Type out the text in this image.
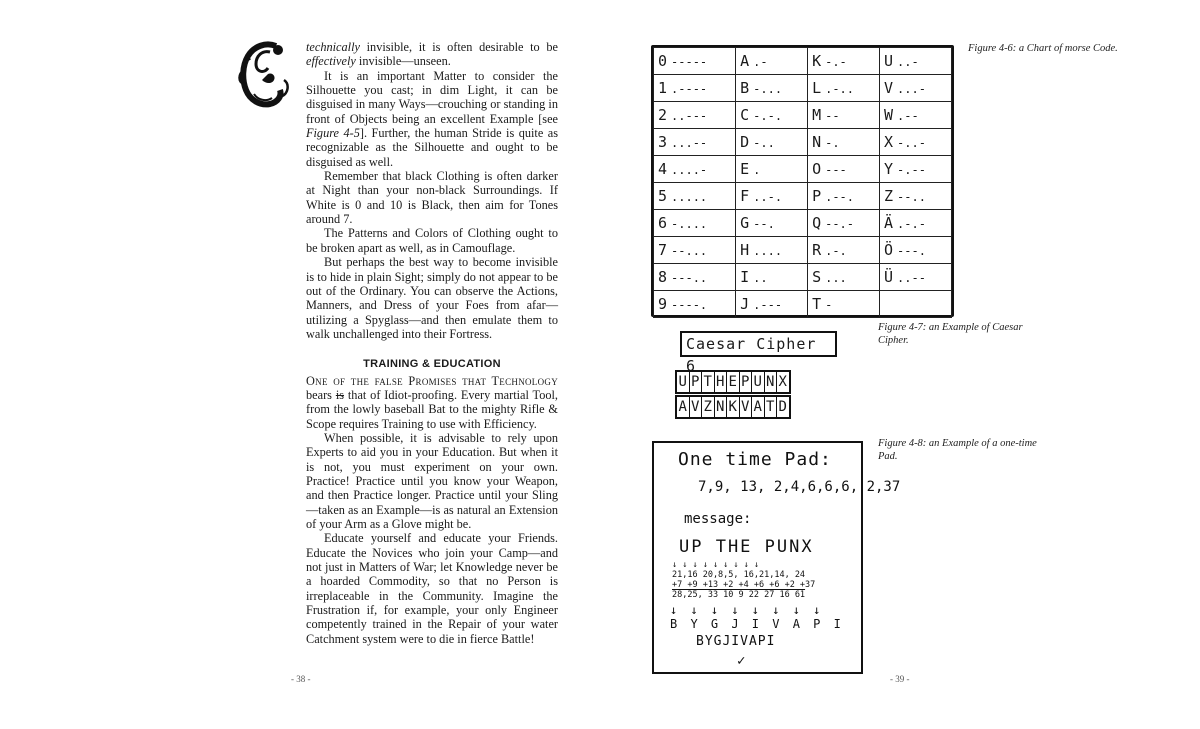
technically invisible, it is often desirable to be effectively invisible—unseen.

It is an important Matter to consider the Silhouette you cast; in dim Light, it can be disguised in many Ways—crouching or standing in front of Objects being an excellent Example [see Figure 4-5]. Further, the human Stride is quite as recognizable as the Silhouette and ought to be disguised as well.

Remember that black Clothing is often darker at Night than your non-black Surroundings. If White is 0 and 10 is Black, then aim for Tones around 7.

The Patterns and Colors of Clothing ought to be broken apart as well, as in Camouflage.

But perhaps the best way to become invisible is to hide in plain Sight; simply do not appear to be out of the Ordinary. You can observe the Actions, Manners, and Dress of your Foes from afar—utilizing a Spyglass—and then emulate them to walk unchallenged into their Fortress.

TRAINING & EDUCATION

One of the false Promises that Technology bears is that of Idiot-proofing. Every martial Tool, from the lowly baseball Bat to the mighty Rifle & Scope requires Training to use with Efficiency.

When possible, it is advisable to rely upon Experts to aid you in your Education. But when it is not, you must experiment on your own. Practice! Practice until you know your Weapon, and then Practice longer. Practice until your Sling—taken as an Example—is as natural an Extension of your Arm as a Glove might be.

Educate yourself and educate your Friends. Educate the Novices who join your Camp—and not just in Matters of War; let Knowledge never be a hoarded Commodity, so that no Person is irreplaceable in the Community. Imagine the Frustration if, for example, your only Engineer competently trained in the Repair of your water Catchment system were to die in fierce Battle!

- 38 -
Figure 4-6: a Chart of morse Code.
0 -----	A .-	K -.-	U ..-
1 .----	B -...	L .-..	V ...-
2 ..---	C -.-.	M --	W .--
3 ...--	D -..	N -.	X -..-
4 ....-	E .	O ---	Y -.--
5 .....	F ..-.	P .--.	Z --..
6 -....	G --.	Q --.-	Ä .-.-
7 --...	H ....	R .-.	Ö ---.
8 ---..	I ..	S ...	Ü ..--
9 ----.	J .---	T -	
Figure 4-7: an Example of Caesar Cipher.
Caesar Cipher 6
U P T H E P U N X
A V Z N K V A T D
Figure 4-8: an Example of a one-time Pad.
One time Pad:
7,9, 13, 2,4,6,6,6, 2,37
message:
UP THE PUNX
↓ ↓ ↓ ↓ ↓ ↓ ↓ ↓ ↓
21,16 20,8,5, 16,21,14, 24
+7 +9 +13 +2 +4 +6 +6 +2 +37
28,25, 33 10 9 22 27 16 61
↓ ↓ ↓ ↓ ↓ ↓ ↓ ↓
B Y G J I V A P I
BYGJIVAPI
✓
- 39 -
